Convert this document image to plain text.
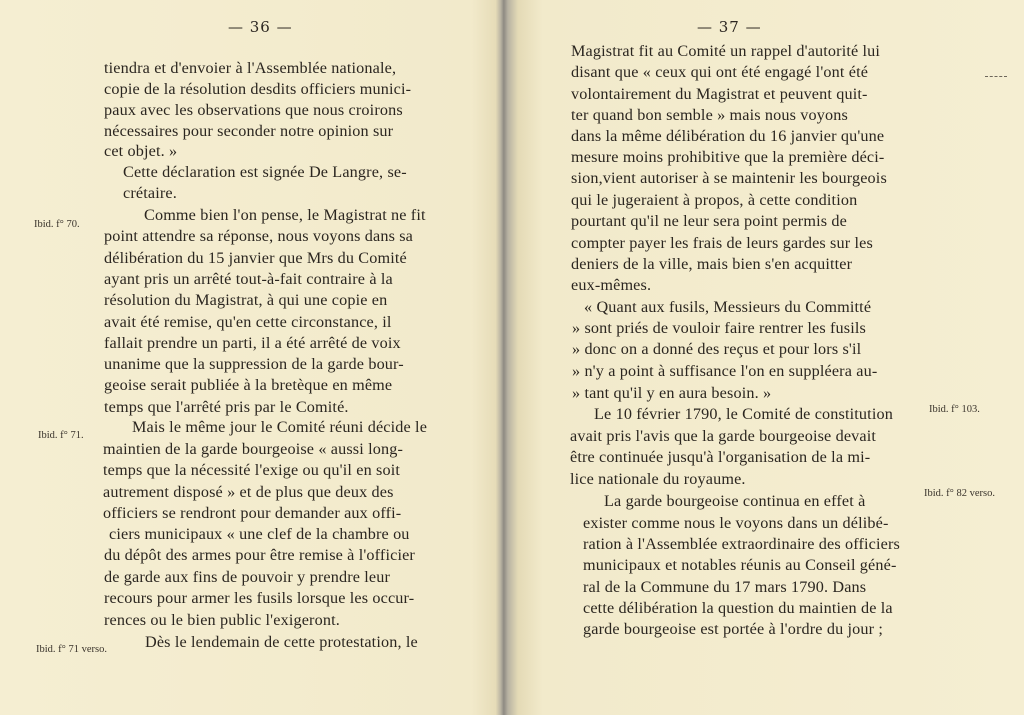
— 36 —
tiendra et d'envoier à l'Assemblée nationale,
copie de la résolution desdits officiers munici-
paux avec les observations que nous croirons
nécessaires pour seconder notre opinion sur
cet objet. »
Cette déclaration est signée De Langre, se-
crétaire.
Comme bien l'on pense, le Magistrat ne fit
point attendre sa réponse, nous voyons dans sa
délibération du 15 janvier que Mrs du Comité
ayant pris un arrêté tout-à-fait contraire à la
résolution du Magistrat, à qui une copie en
avait été remise, qu'en cette circonstance, il
fallait prendre un parti, il a été arrêté de voix
unanime que la suppression de la garde bour-
geoise serait publiée à la bretèque en même
temps que l'arrêté pris par le Comité.
Mais le même jour le Comité réuni décide le
maintien de la garde bourgeoise « aussi long-
temps que la nécessité l'exige ou qu'il en soit
autrement disposé » et de plus que deux des
officiers se rendront pour demander aux offi-
ciers municipaux « une clef de la chambre ou
du dépôt des armes pour être remise à l'officier
de garde aux fins de pouvoir y prendre leur
recours pour armer les fusils lorsque les occur-
rences ou le bien public l'exigeront.
Dès le lendemain de cette protestation, le
— 37 —
Magistrat fit au Comité un rappel d'autorité lui
disant que « ceux qui ont été engagé l'ont été
volontairement du Magistrat et peuvent quit-
ter quand bon semble » mais nous voyons
dans la même délibération du 16 janvier qu'une
mesure moins prohibitive que la première déci-
sion,vient autoriser à se maintenir les bourgeois
qui le jugeraient à propos, à cette condition
pourtant qu'il ne leur sera point permis de
compter payer les frais de leurs gardes sur les
deniers de la ville, mais bien s'en acquitter
eux-mêmes.
« Quant aux fusils, Messieurs du Committé
» sont priés de vouloir faire rentrer les fusils
» donc on a donné des reçus et pour lors s'il
» n'y a point à suffisance l'on en suppléera au-
» tant qu'il y en aura besoin. »
Le 10 février 1790, le Comité de constitution
avait pris l'avis que la garde bourgeoise devait
être continuée jusqu'à l'organisation de la mi-
lice nationale du royaume.
La garde bourgeoise continua en effet à
exister comme nous le voyons dans un délibé-
ration à l'Assemblée extraordinaire des officiers
municipaux et notables réunis au Conseil géné-
ral de la Commune du 17 mars 1790. Dans
cette délibération la question du maintien de la
garde bourgeoise est portée à l'ordre du jour ;
Ibid. f° 70.
Ibid. f° 71.
Ibid. f° 71 verso.
Ibid. f° 103.
Ibid. f° 82 verso.
